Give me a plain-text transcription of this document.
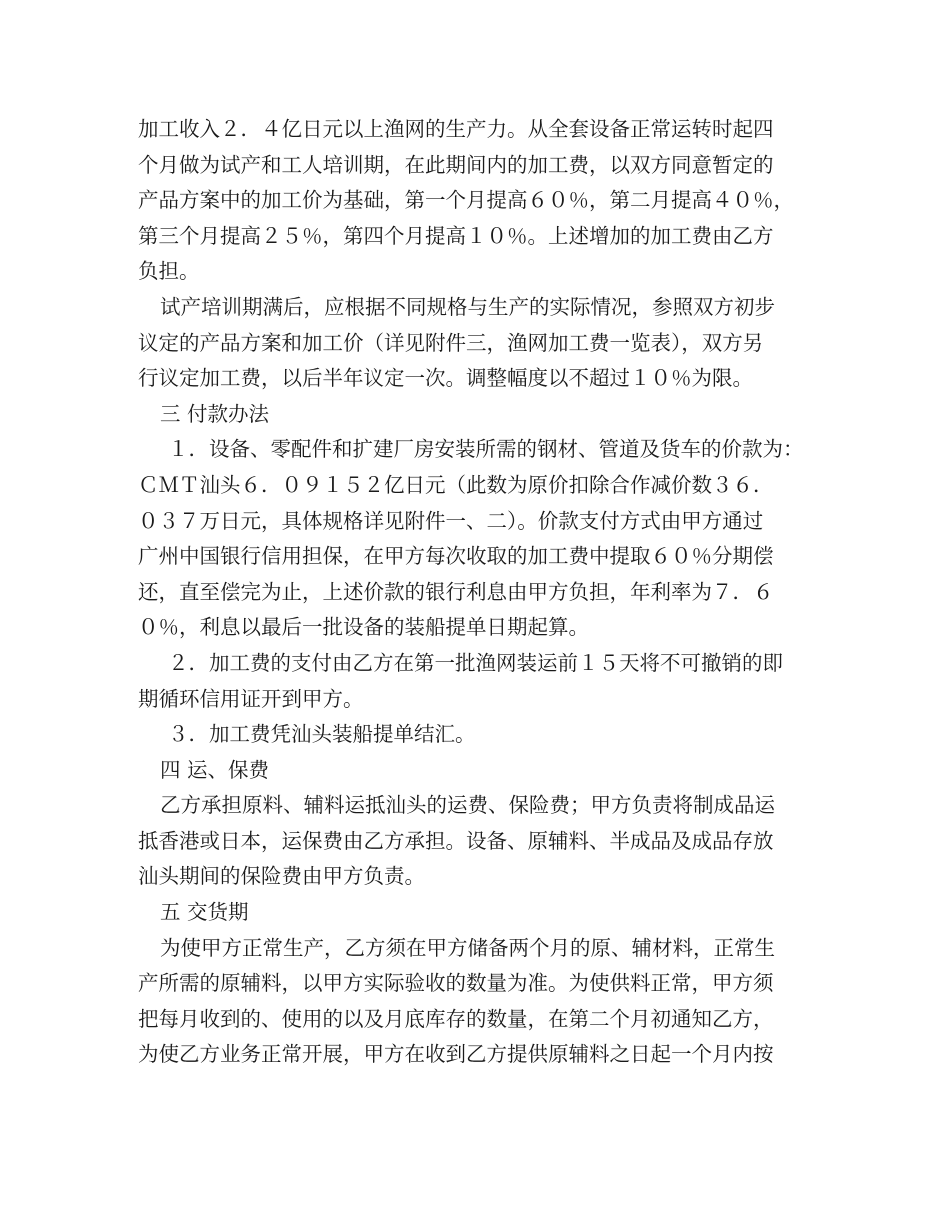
加工收入２．４亿日元以上渔网的生产力。从全套设备正常运转时起四
个月做为试产和工人培训期，在此期间内的加工费，以双方同意暂定的
产品方案中的加工价为基础，第一个月提高６０％，第二月提高４０％，
第三个月提高２５％，第四个月提高１０％。上述增加的加工费由乙方
负担。
试产培训期满后，应根据不同规格与生产的实际情况，参照双方初步
议定的产品方案和加工价（详见附件三，渔网加工费一览表），双方另
行议定加工费，以后半年议定一次。调整幅度以不超过１０％为限。
三 付款办法
１．设备、零配件和扩建厂房安装所需的钢材、管道及货车的价款为：
ＣＭＴ汕头６．０９１５２亿日元（此数为原价扣除合作减价数３６．
０３７万日元，具体规格详见附件一、二）。价款支付方式由甲方通过
广州中国银行信用担保，在甲方每次收取的加工费中提取６０％分期偿
还，直至偿完为止，上述价款的银行利息由甲方负担，年利率为７．６
０％，利息以最后一批设备的装船提单日期起算。
２．加工费的支付由乙方在第一批渔网装运前１５天将不可撤销的即
期循环信用证开到甲方。
３．加工费凭汕头装船提单结汇。
四 运、保费
乙方承担原料、辅料运抵汕头的运费、保险费；甲方负责将制成品运
抵香港或日本，运保费由乙方承担。设备、原辅料、半成品及成品存放
汕头期间的保险费由甲方负责。
五 交货期
为使甲方正常生产，乙方须在甲方储备两个月的原、辅材料，正常生
产所需的原辅料，以甲方实际验收的数量为准。为使供料正常，甲方须
把每月收到的、使用的以及月底库存的数量，在第二个月初通知乙方，
为使乙方业务正常开展，甲方在收到乙方提供原辅料之日起一个月内按
